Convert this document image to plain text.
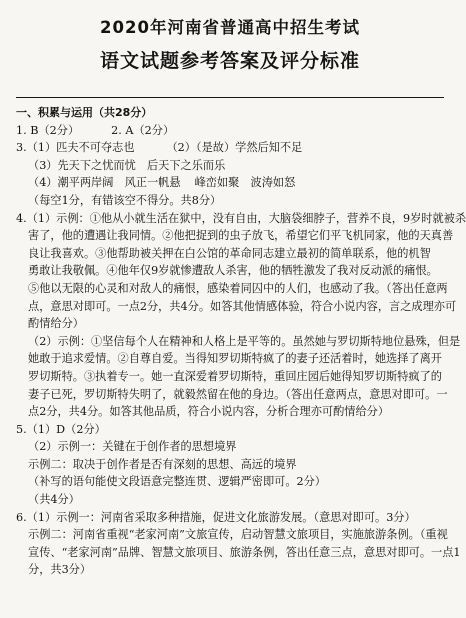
2020年河南省普通高中招生考试
语文试题参考答案及评分标准
一、积累与运用（共28分）
1. B（2分）	2. A（2分）
3.（1）匹夫不可夺志也	（2）（是故）学然后知不足
（3）先天下之忧而忧　后天下之乐而乐
（4）潮平两岸阔　风正一帆悬 峰峦如聚　波涛如怒
（每空1分，有错该空不得分。共8分）
4.（1）示例：①他从小就生活在狱中，没有自由，大脑袋细脖子，营养不良，9岁时就被杀
害了，他的遭遇让我同情。②他把捉到的虫子放飞，希望它们平飞机同家，他的天真善
良让我喜欢。③他帮助被关押在白公馆的革命同志建立最初的简单联系，他的机智
勇敢让我敬佩。④他年仅9岁就惨遭敌人杀害，他的牺牲激发了我对反动派的痛恨。
⑤他以无限的心灵和对敌人的痛恨，感染着同囚中的人们，也感动了我。（答出任意两
点，意思对即可。一点2分，共4分。如答其他情感体验，符合小说内容，言之成理亦可
酌情给分）
（2）示例：①坚信每个人在精神和人格上是平等的。虽然她与罗切斯特地位悬殊，但是
她敢于追求爱情。②自尊自爱。当得知罗切斯特疯了的妻子还活着时，她选择了离开
罗切斯特。③执着专一。她一直深爱着罗切斯特，重回庄园后她得知罗切斯特疯了的
妻子已死，罗切斯特失明了，就毅然留在他的身边。（答出任意两点，意思对即可。一
点2分，共4分。如答其他品质，符合小说内容，分析合理亦可酌情给分）
5.（1）D（2分）
（2）示例一：关键在于创作者的思想境界
示例二：取决于创作者是否有深刻的思想、高远的境界
（补写的语句能使文段语意完整连贯、逻辑严密即可。2分）
（共4分）
6.（1）示例一：河南省采取多种措施，促进文化旅游发展。（意思对即可。3分）
示例二：河南省重视“老家河南”文旅宣传，启动智慧文旅项目，实施旅游条例。（重视
宣传、“老家河南”品牌、智慧文旅项目、旅游条例，答出任意三点，意思对即可。一点1
分，共3分）
